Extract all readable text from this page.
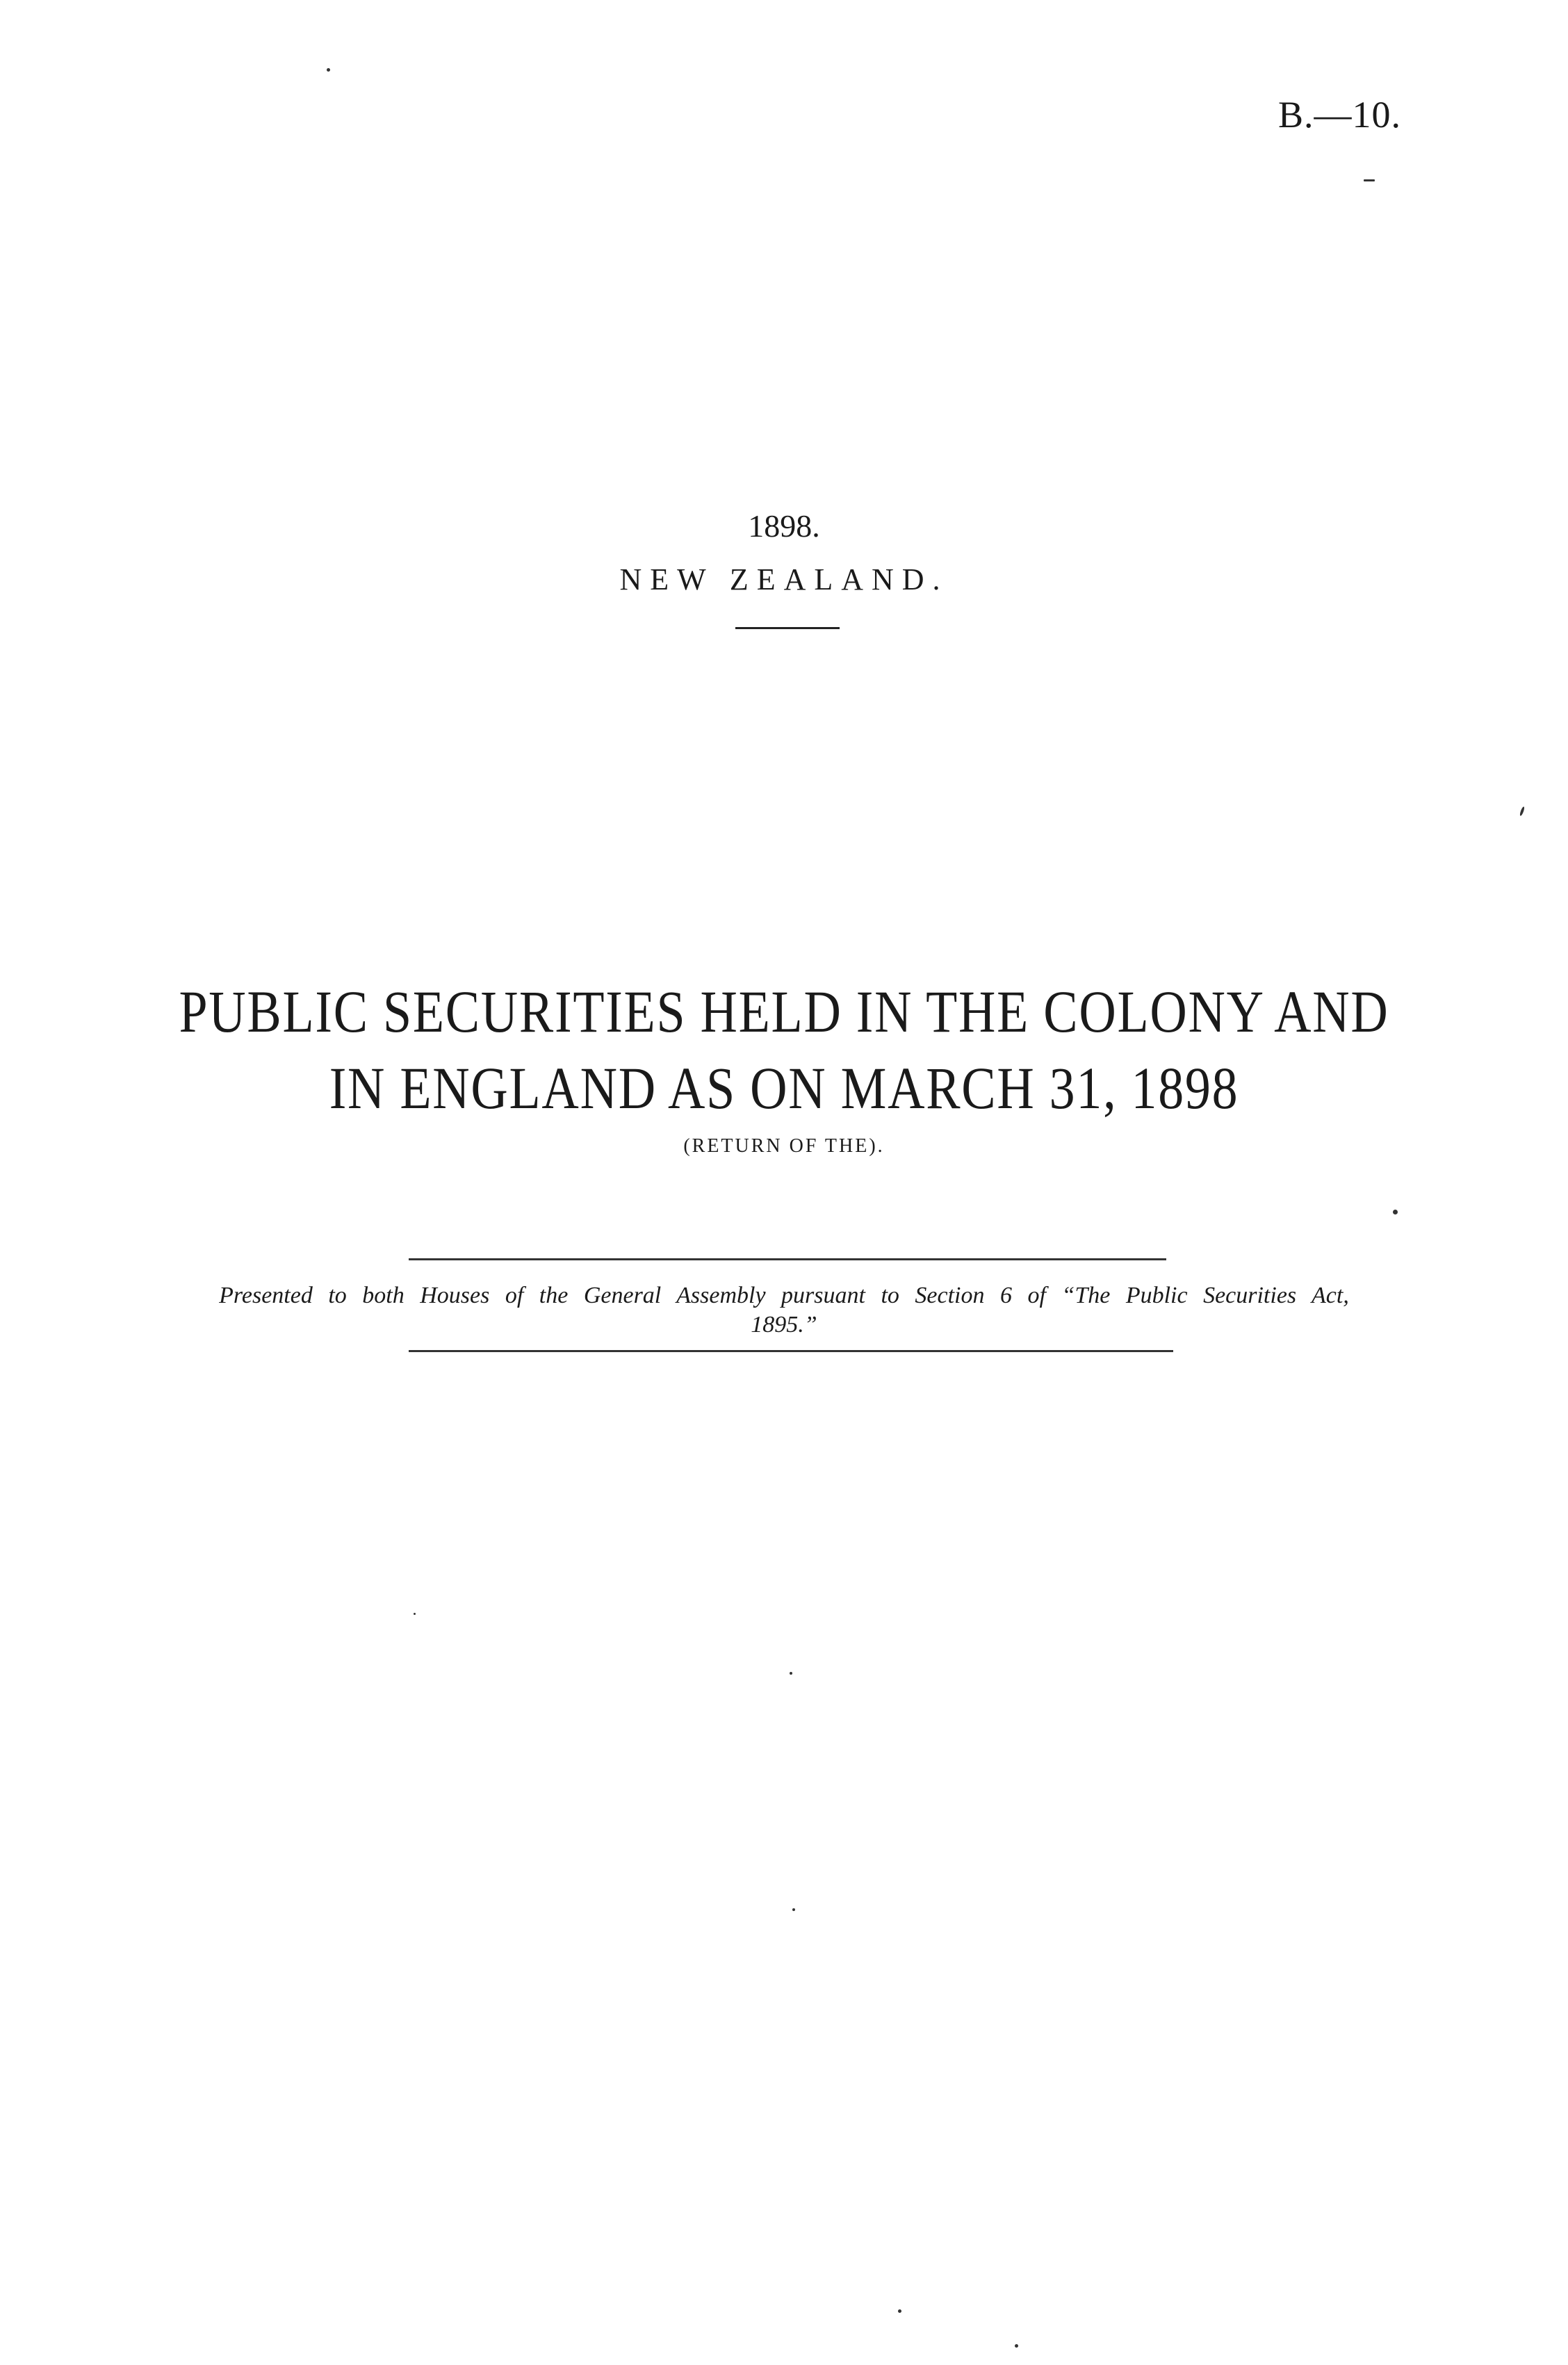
B.—10.
1898.
NEW ZEALAND.
PUBLIC SECURITIES HELD IN THE COLONY AND
IN ENGLAND AS ON MARCH 31, 1898
(RETURN OF THE).
Presented to both Houses of the General Assembly pursuant to Section 6 of “The Public Securities Act, 1895.”
